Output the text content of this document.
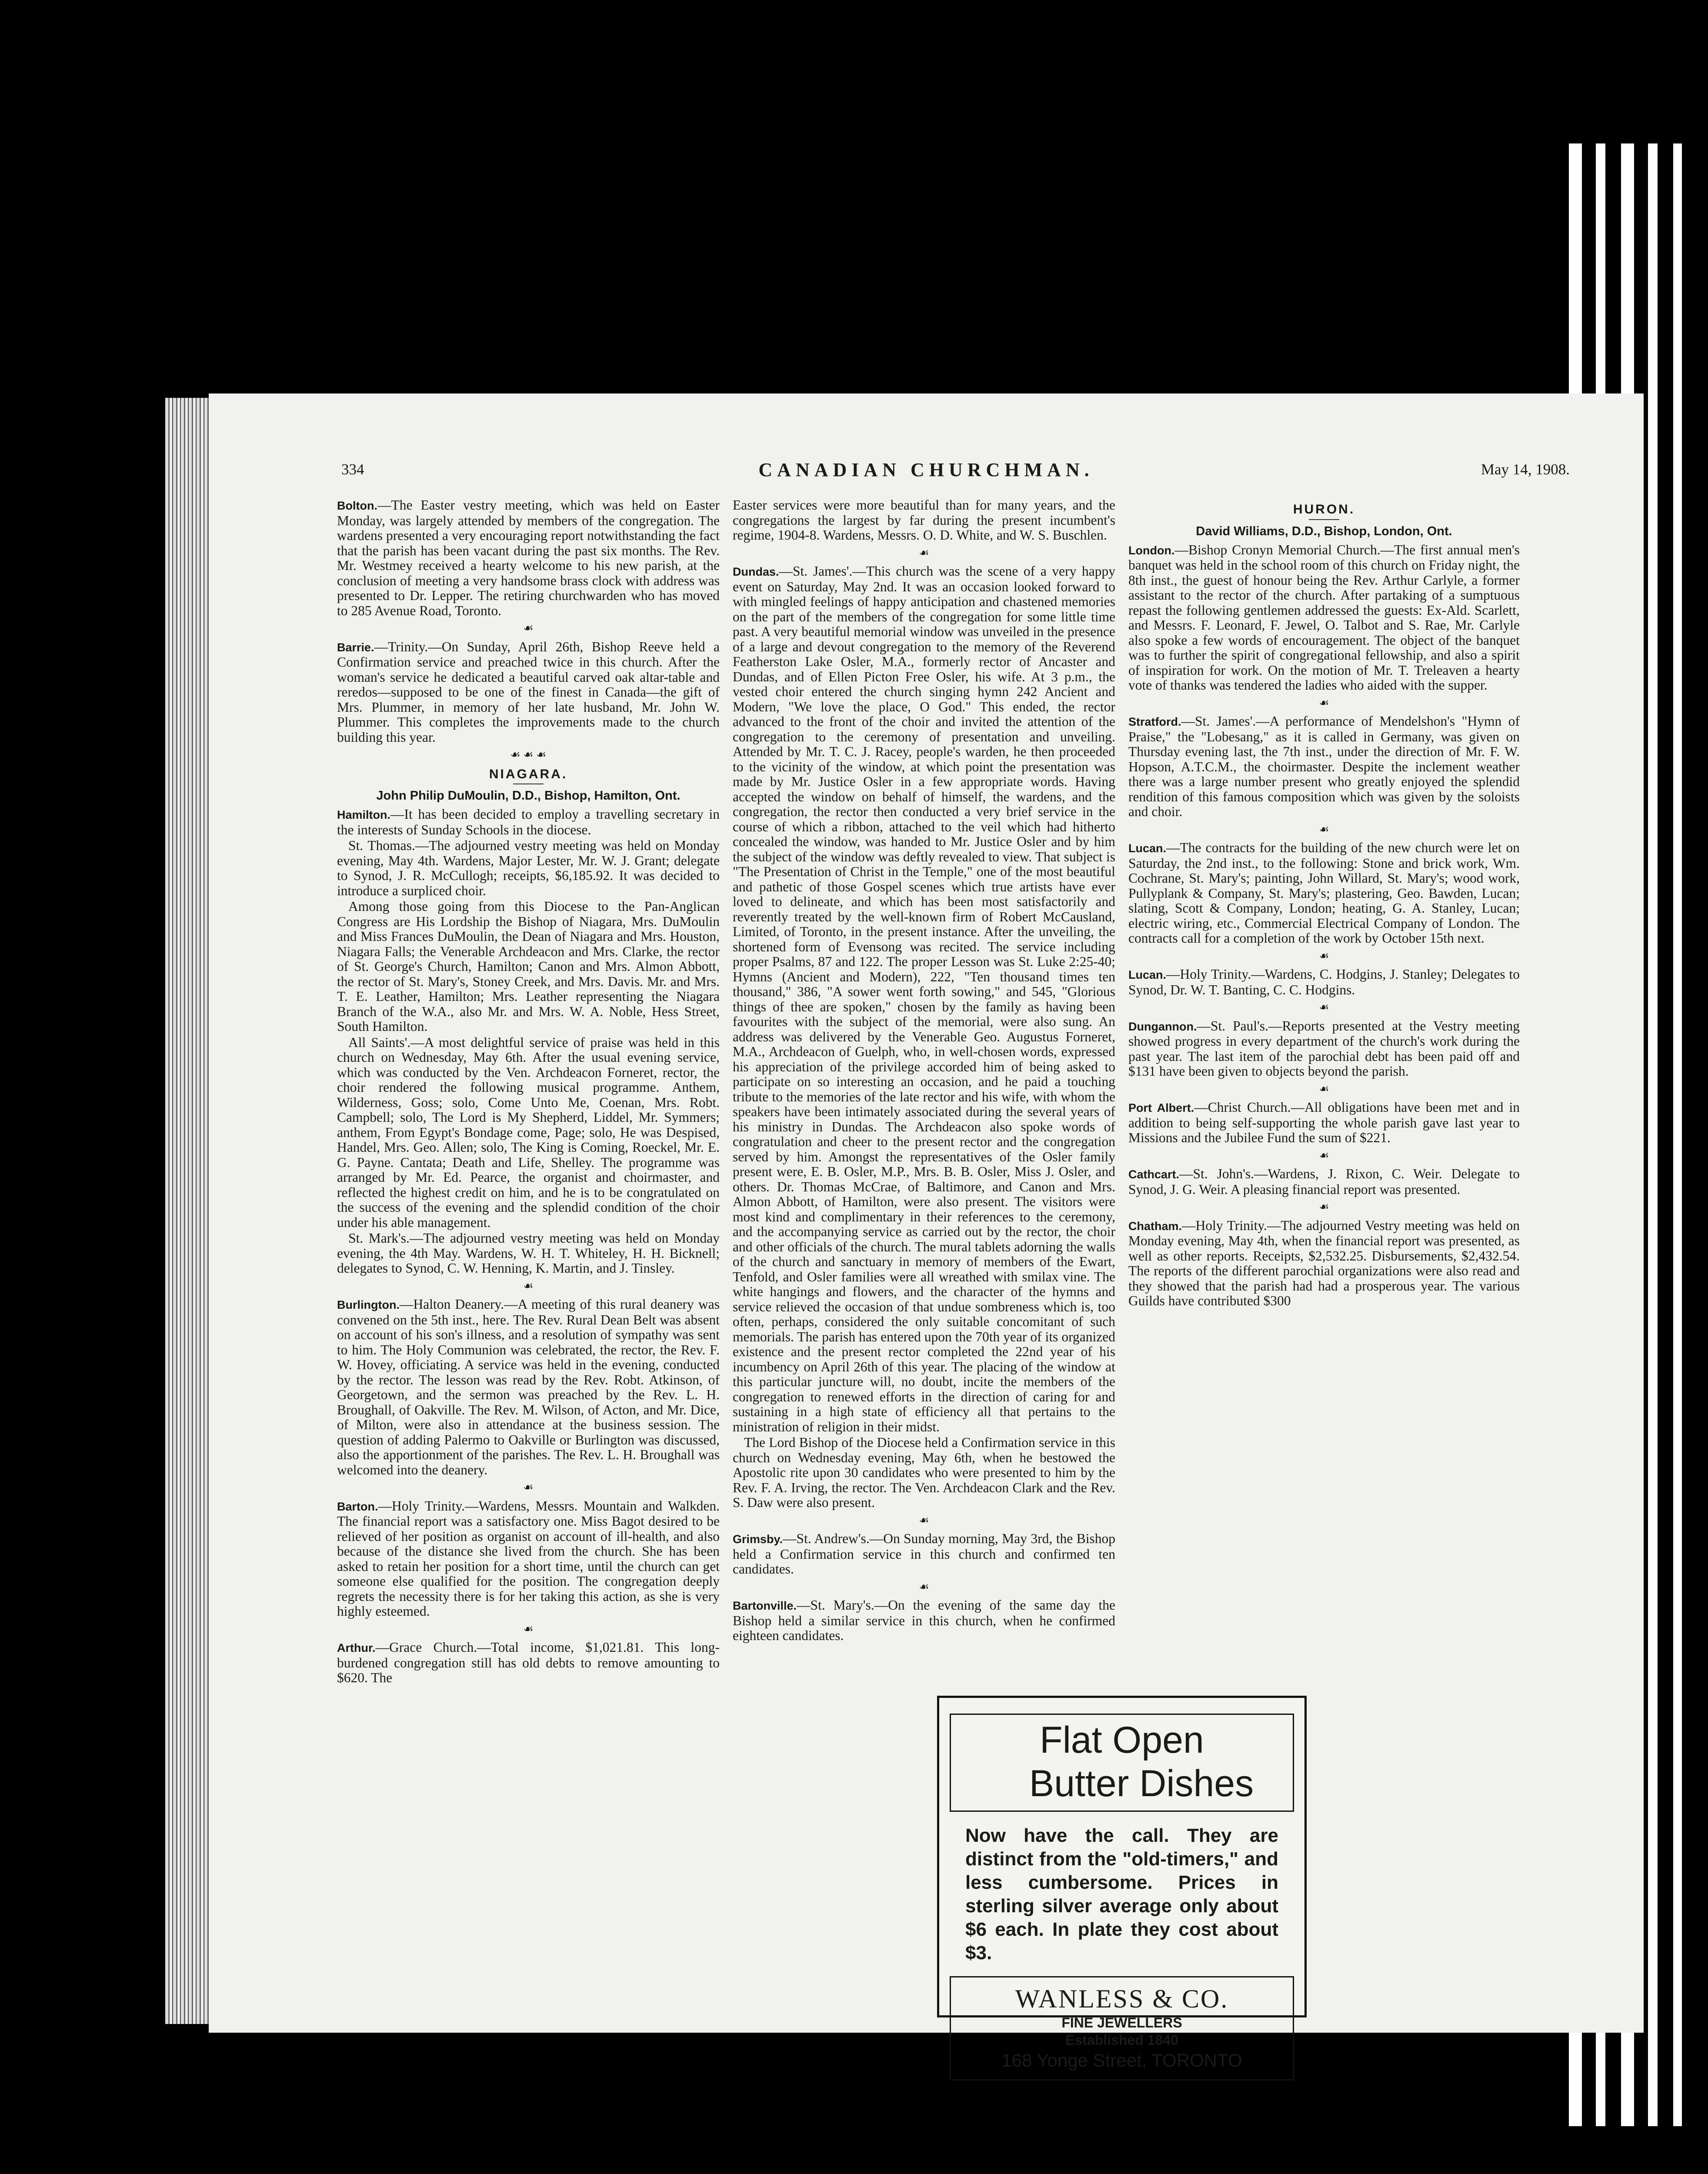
334	CANADIAN CHURCHMAN.	May 14, 1908.

Bolton.—The Easter vestry meeting, which was held on Easter Monday, was largely attended by members of the congregation. The wardens presented a very encouraging report notwithstanding the fact that the parish has been vacant during the past six months. The Rev. Mr. Westmey received a hearty welcome to his new parish, at the conclusion of meeting a very handsome brass clock with address was presented to Dr. Lepper. The retiring churchwarden who has moved to 285 Avenue Road, Toronto.

☙

Barrie.—Trinity.—On Sunday, April 26th, Bishop Reeve held a Confirmation service and preached twice in this church. After the woman's service he dedicated a beautiful carved oak altar-table and reredos—supposed to be one of the finest in Canada—the gift of Mrs. Plummer, in memory of her late husband, Mr. John W. Plummer. This completes the improvements made to the church building this year.

☙ ☙ ☙
NIAGARA.
John Philip DuMoulin, D.D., Bishop, Hamilton, Ont.

Hamilton.—It has been decided to employ a travelling secretary in the interests of Sunday Schools in the diocese.

St. Thomas.—The adjourned vestry meeting was held on Monday evening, May 4th. Wardens, Major Lester, Mr. W. J. Grant; delegate to Synod, J. R. McCullogh; receipts, $6,185.92. It was decided to introduce a surpliced choir.

Among those going from this Diocese to the Pan-Anglican Congress are His Lordship the Bishop of Niagara, Mrs. DuMoulin and Miss Frances DuMoulin, the Dean of Niagara and Mrs. Houston, Niagara Falls; the Venerable Archdeacon and Mrs. Clarke, the rector of St. George's Church, Hamilton; Canon and Mrs. Almon Abbott, the rector of St. Mary's, Stoney Creek, and Mrs. Davis. Mr. and Mrs. T. E. Leather, Hamilton; Mrs. Leather representing the Niagara Branch of the W.A., also Mr. and Mrs. W. A. Noble, Hess Street, South Hamilton.

All Saints'.—A most delightful service of praise was held in this church on Wednesday, May 6th. After the usual evening service, which was conducted by the Ven. Archdeacon Forneret, rector, the choir rendered the following musical programme. Anthem, Wilderness, Goss; solo, Come Unto Me, Coenan, Mrs. Robt. Campbell; solo, The Lord is My Shepherd, Liddel, Mr. Symmers; anthem, From Egypt's Bondage come, Page; solo, He was Despised, Handel, Mrs. Geo. Allen; solo, The King is Coming, Roeckel, Mr. E. G. Payne. Cantata; Death and Life, Shelley. The programme was arranged by Mr. Ed. Pearce, the organist and choirmaster, and reflected the highest credit on him, and he is to be congratulated on the success of the evening and the splendid condition of the choir under his able management.

St. Mark's.—The adjourned vestry meeting was held on Monday evening, the 4th May. Wardens, W. H. T. Whiteley, H. H. Bicknell; delegates to Synod, C. W. Henning, K. Martin, and J. Tinsley.

☙

Burlington.—Halton Deanery.—A meeting of this rural deanery was convened on the 5th inst., here. The Rev. Rural Dean Belt was absent on account of his son's illness, and a resolution of sympathy was sent to him. The Holy Communion was celebrated, the rector, the Rev. F. W. Hovey, officiating. A service was held in the evening, conducted by the rector. The lesson was read by the Rev. Robt. Atkinson, of Georgetown, and the sermon was preached by the Rev. L. H. Broughall, of Oakville. The Rev. M. Wilson, of Acton, and Mr. Dice, of Milton, were also in attendance at the business session. The question of adding Palermo to Oakville or Burlington was discussed, also the apportionment of the parishes. The Rev. L. H. Broughall was welcomed into the deanery.

☙

Barton.—Holy Trinity.—Wardens, Messrs. Mountain and Walkden. The financial report was a satisfactory one. Miss Bagot desired to be relieved of her position as organist on account of ill-health, and also because of the distance she lived from the church. She has been asked to retain her position for a short time, until the church can get someone else qualified for the position. The congregation deeply regrets the necessity there is for her taking this action, as she is very highly esteemed.

☙

Arthur.—Grace Church.—Total income, $1,021.81. This long-burdened congregation still has old debts to remove amounting to $620. The

Easter services were more beautiful than for many years, and the congregations the largest by far during the present incumbent's regime, 1904-8. Wardens, Messrs. O. D. White, and W. S. Buschlen.

☙

Dundas.—St. James'.—This church was the scene of a very happy event on Saturday, May 2nd. It was an occasion looked forward to with mingled feelings of happy anticipation and chastened memories on the part of the members of the congregation for some little time past. A very beautiful memorial window was unveiled in the presence of a large and devout congregation to the memory of the Reverend Featherston Lake Osler, M.A., formerly rector of Ancaster and Dundas, and of Ellen Picton Free Osler, his wife. At 3 p.m., the vested choir entered the church singing hymn 242 Ancient and Modern, "We love the place, O God." This ended, the rector advanced to the front of the choir and invited the attention of the congregation to the ceremony of presentation and unveiling. Attended by Mr. T. C. J. Racey, people's warden, he then proceeded to the vicinity of the window, at which point the presentation was made by Mr. Justice Osler in a few appropriate words. Having accepted the window on behalf of himself, the wardens, and the congregation, the rector then conducted a very brief service in the course of which a ribbon, attached to the veil which had hitherto concealed the window, was handed to Mr. Justice Osler and by him the subject of the window was deftly revealed to view. That subject is "The Presentation of Christ in the Temple," one of the most beautiful and pathetic of those Gospel scenes which true artists have ever loved to delineate, and which has been most satisfactorily and reverently treated by the well-known firm of Robert McCausland, Limited, of Toronto, in the present instance. After the unveiling, the shortened form of Evensong was recited. The service including proper Psalms, 87 and 122. The proper Lesson was St. Luke 2:25-40; Hymns (Ancient and Modern), 222, "Ten thousand times ten thousand," 386, "A sower went forth sowing," and 545, "Glorious things of thee are spoken," chosen by the family as having been favourites with the subject of the memorial, were also sung. An address was delivered by the Venerable Geo. Augustus Forneret, M.A., Archdeacon of Guelph, who, in well-chosen words, expressed his appreciation of the privilege accorded him of being asked to participate on so interesting an occasion, and he paid a touching tribute to the memories of the late rector and his wife, with whom the speakers have been intimately associated during the several years of his ministry in Dundas. The Archdeacon also spoke words of congratulation and cheer to the present rector and the congregation served by him. Amongst the representatives of the Osler family present were, E. B. Osler, M.P., Mrs. B. B. Osler, Miss J. Osler, and others. Dr. Thomas McCrae, of Baltimore, and Canon and Mrs. Almon Abbott, of Hamilton, were also present. The visitors were most kind and complimentary in their references to the ceremony, and the accompanying service as carried out by the rector, the choir and other officials of the church. The mural tablets adorning the walls of the church and sanctuary in memory of members of the Ewart, Tenfold, and Osler families were all wreathed with smilax vine. The white hangings and flowers, and the character of the hymns and service relieved the occasion of that undue sombreness which is, too often, perhaps, considered the only suitable concomitant of such memorials. The parish has entered upon the 70th year of its organized existence and the present rector completed the 22nd year of his incumbency on April 26th of this year. The placing of the window at this particular juncture will, no doubt, incite the members of the congregation to renewed efforts in the direction of caring for and sustaining in a high state of efficiency all that pertains to the ministration of religion in their midst.

The Lord Bishop of the Diocese held a Confirmation service in this church on Wednesday evening, May 6th, when he bestowed the Apostolic rite upon 30 candidates who were presented to him by the Rev. F. A. Irving, the rector. The Ven. Archdeacon Clark and the Rev. S. Daw were also present.

☙

Grimsby.—St. Andrew's.—On Sunday morning, May 3rd, the Bishop held a Confirmation service in this church and confirmed ten candidates.

☙

Bartonville.—St. Mary's.—On the evening of the same day the Bishop held a similar service in this church, when he confirmed eighteen candidates.

HURON.
David Williams, D.D., Bishop, London, Ont.

London.—Bishop Cronyn Memorial Church.—The first annual men's banquet was held in the school room of this church on Friday night, the 8th inst., the guest of honour being the Rev. Arthur Carlyle, a former assistant to the rector of the church. After partaking of a sumptuous repast the following gentlemen addressed the guests: Ex-Ald. Scarlett, and Messrs. F. Leonard, F. Jewel, O. Talbot and S. Rae, Mr. Carlyle also spoke a few words of encouragement. The object of the banquet was to further the spirit of congregational fellowship, and also a spirit of inspiration for work. On the motion of Mr. T. Treleaven a hearty vote of thanks was tendered the ladies who aided with the supper.

☙

Stratford.—St. James'.—A performance of Mendelshon's "Hymn of Praise," the "Lobesang," as it is called in Germany, was given on Thursday evening last, the 7th inst., under the direction of Mr. F. W. Hopson, A.T.C.M., the choirmaster. Despite the inclement weather there was a large number present who greatly enjoyed the splendid rendition of this famous composition which was given by the soloists and choir.

☙

Lucan.—The contracts for the building of the new church were let on Saturday, the 2nd inst., to the following: Stone and brick work, Wm. Cochrane, St. Mary's; painting, John Willard, St. Mary's; wood work, Pullyplank & Company, St. Mary's; plastering, Geo. Bawden, Lucan; slating, Scott & Company, London; heating, G. A. Stanley, Lucan; electric wiring, etc., Commercial Electrical Company of London. The contracts call for a completion of the work by October 15th next.

☙

Lucan.—Holy Trinity.—Wardens, C. Hodgins, J. Stanley; Delegates to Synod, Dr. W. T. Banting, C. C. Hodgins.

☙

Dungannon.—St. Paul's.—Reports presented at the Vestry meeting showed progress in every department of the church's work during the past year. The last item of the parochial debt has been paid off and $131 have been given to objects beyond the parish.

☙

Port Albert.—Christ Church.—All obligations have been met and in addition to being self-supporting the whole parish gave last year to Missions and the Jubilee Fund the sum of $221.

☙

Cathcart.—St. John's.—Wardens, J. Rixon, C. Weir. Delegate to Synod, J. G. Weir. A pleasing financial report was presented.

☙

Chatham.—Holy Trinity.—The adjourned Vestry meeting was held on Monday evening, May 4th, when the financial report was presented, as well as other reports. Receipts, $2,532.25. Disbursements, $2,432.54. The reports of the different parochial organizations were also read and they showed that the parish had had a prosperous year. The various Guilds have contributed $300

Flat Open
Butter Dishes
Now have the call. They are distinct from the "old-timers," and less cumbersome. Prices in sterling silver average only about $6 each. In plate they cost about $3.
WANLESS & CO.
FINE JEWELLERS
Established 1840
168 Yonge Street, TORONTO
